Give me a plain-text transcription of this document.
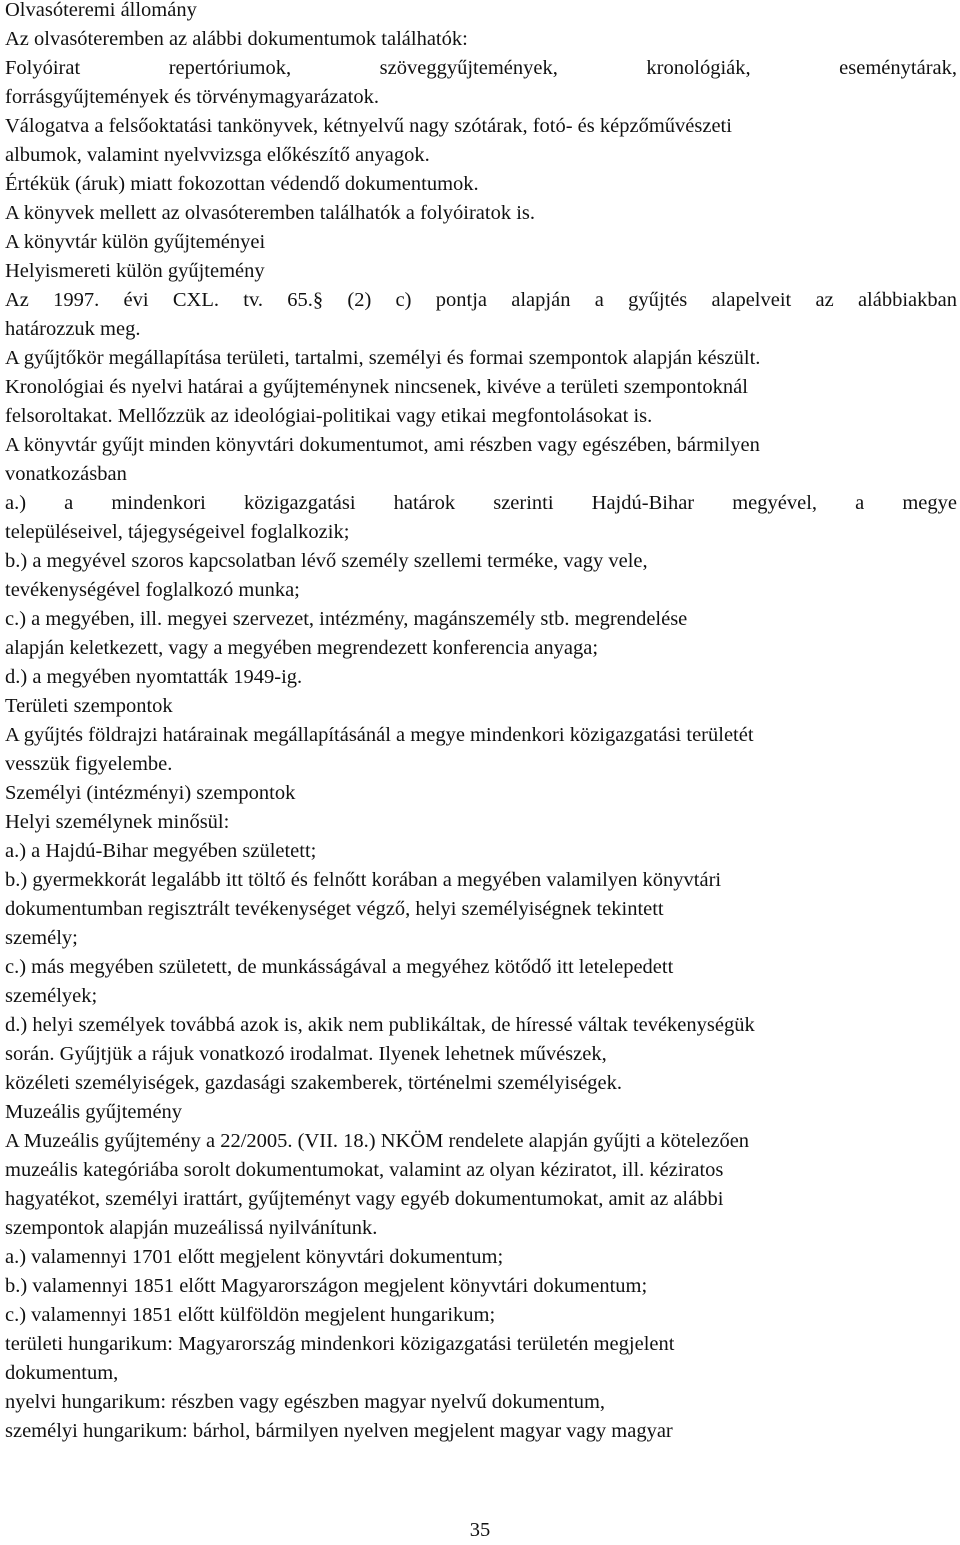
Olvasóteremi állomány
Az olvasóteremben az alábbi dokumentumok találhatók:
Folyóirat repertóriumok, szöveggyűjtemények, kronológiák, eseménytárak,
forrásgyűjtemények és törvénymagyarázatok.
Válogatva a felsőoktatási tankönyvek, kétnyelvű nagy szótárak, fotó- és képzőművészeti
albumok, valamint nyelvvizsga előkészítő anyagok.
Értékük (áruk) miatt fokozottan védendő dokumentumok.
A könyvek mellett az olvasóteremben találhatók a folyóiratok is.
A könyvtár külön gyűjteményei
Helyismereti külön gyűjtemény
Az 1997. évi CXL. tv. 65.§ (2) c) pontja alapján a gyűjtés alapelveit az alábbiakban
határozzuk meg.
A gyűjtőkör megállapítása területi, tartalmi, személyi és formai szempontok alapján készült.
Kronológiai és nyelvi határai a gyűjteménynek nincsenek, kivéve a területi szempontoknál
felsoroltakat. Mellőzzük az ideológiai-politikai vagy etikai megfontolásokat is.
A könyvtár gyűjt minden könyvtári dokumentumot, ami részben vagy egészében, bármilyen
vonatkozásban
a.) a mindenkori közigazgatási határok szerinti Hajdú-Bihar megyével, a megye
településeivel, tájegységeivel foglalkozik;
b.) a megyével szoros kapcsolatban lévő személy szellemi terméke, vagy vele,
tevékenységével foglalkozó munka;
c.) a megyében, ill. megyei szervezet, intézmény, magánszemély stb. megrendelése
alapján keletkezett, vagy a megyében megrendezett konferencia anyaga;
d.) a megyében nyomtatták 1949-ig.
Területi szempontok
A gyűjtés földrajzi határainak megállapításánál a megye mindenkori közigazgatási területét
vesszük figyelembe.
Személyi (intézményi) szempontok
Helyi személynek minősül:
a.) a Hajdú-Bihar megyében született;
b.) gyermekkorát legalább itt töltő és felnőtt korában a megyében valamilyen könyvtári
dokumentumban regisztrált tevékenységet végző, helyi személyiségnek tekintett
személy;
c.) más megyében született, de munkásságával a megyéhez kötődő itt letelepedett
személyek;
d.) helyi személyek továbbá azok is, akik nem publikáltak, de híressé váltak tevékenységük
során. Gyűjtjük a rájuk vonatkozó irodalmat. Ilyenek lehetnek művészek,
közéleti személyiségek, gazdasági szakemberek, történelmi személyiségek.
Muzeális gyűjtemény
A Muzeális gyűjtemény a 22/2005. (VII. 18.) NKÖM rendelete alapján gyűjti a kötelezően
muzeális kategóriába sorolt dokumentumokat, valamint az olyan kéziratot, ill. kéziratos
hagyatékot, személyi irattárt, gyűjteményt vagy egyéb dokumentumokat, amit az alábbi
szempontok alapján muzeálissá nyilvánítunk.
a.) valamennyi 1701 előtt megjelent könyvtári dokumentum;
b.) valamennyi 1851 előtt Magyarországon megjelent könyvtári dokumentum;
c.) valamennyi 1851 előtt külföldön megjelent hungarikum;
területi hungarikum: Magyarország mindenkori közigazgatási területén megjelent
dokumentum,
nyelvi hungarikum: részben vagy egészben magyar nyelvű dokumentum,
személyi hungarikum: bárhol, bármilyen nyelven megjelent magyar vagy magyar
35
